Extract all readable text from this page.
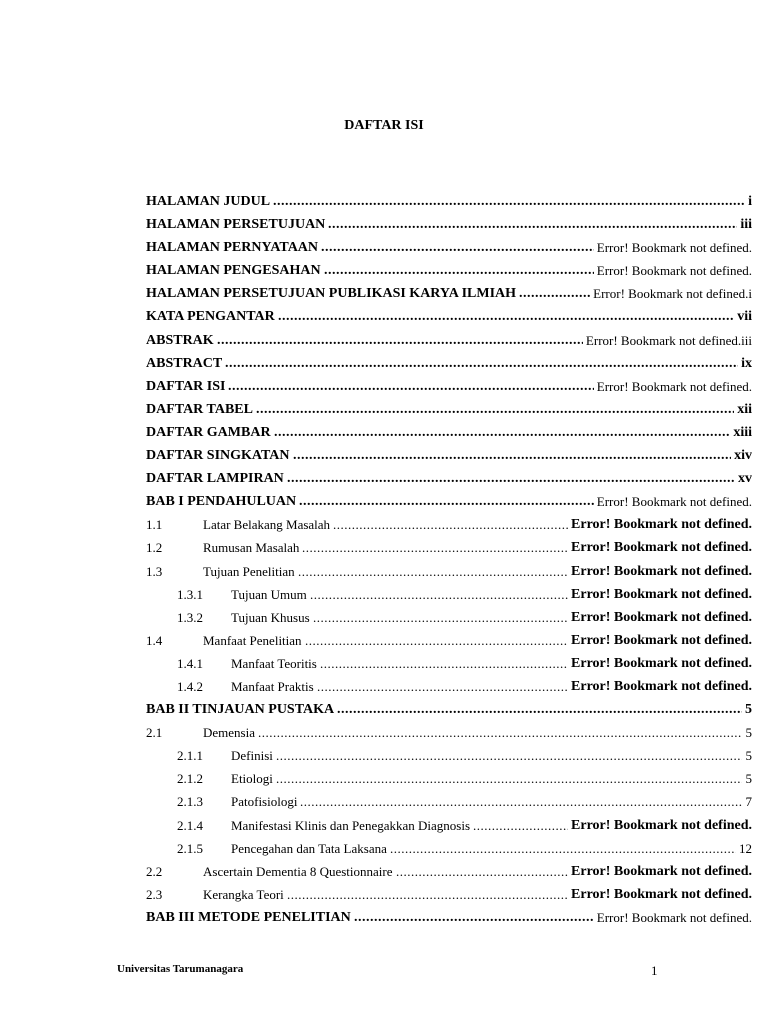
DAFTAR ISI
HALAMAN JUDUL .....	i
HALAMAN PERSETUJUAN .....	iii
HALAMAN PERNYATAAN .....	Error! Bookmark not defined.
HALAMAN PENGESAHAN .....	Error! Bookmark not defined.
HALAMAN PERSETUJUAN PUBLIKASI KARYA ILMIAH .....	Error! Bookmark not defined.i
KATA PENGANTAR .....	vii
ABSTRAK .....	Error! Bookmark not defined.iii
ABSTRACT .....	ix
DAFTAR ISI .....	Error! Bookmark not defined.
DAFTAR TABEL .....	xii
DAFTAR GAMBAR .....	xiii
DAFTAR SINGKATAN .....	xiv
DAFTAR LAMPIRAN .....	xv
BAB I PENDAHULUAN .....	Error! Bookmark not defined.
1.1	Latar Belakang Masalah .....	Error! Bookmark not defined.
1.2	Rumusan Masalah .....	Error! Bookmark not defined.
1.3	Tujuan Penelitian .....	Error! Bookmark not defined.
1.3.1 Tujuan Umum .....	Error! Bookmark not defined.
1.3.2 Tujuan Khusus .....	Error! Bookmark not defined.
1.4	Manfaat Penelitian .....	Error! Bookmark not defined.
1.4.1 Manfaat Teoritis .....	Error! Bookmark not defined.
1.4.2 Manfaat Praktis .....	Error! Bookmark not defined.
BAB II TINJAUAN PUSTAKA .....	5
2.1	Demensia .....	5
2.1.1 Definisi .....	5
2.1.2 Etiologi .....	5
2.1.3 Patofisiologi .....	7
2.1.4 Manifestasi Klinis dan Penegakkan Diagnosis .....	Error! Bookmark not defined.
2.1.5 Pencegahan dan Tata Laksana .....	12
2.2	Ascertain Dementia 8 Questionnaire .....	Error! Bookmark not defined.
2.3	Kerangka Teori .....	Error! Bookmark not defined.
BAB III METODE PENELITIAN .....	Error! Bookmark not defined.
Universitas Tarumanagara	1
